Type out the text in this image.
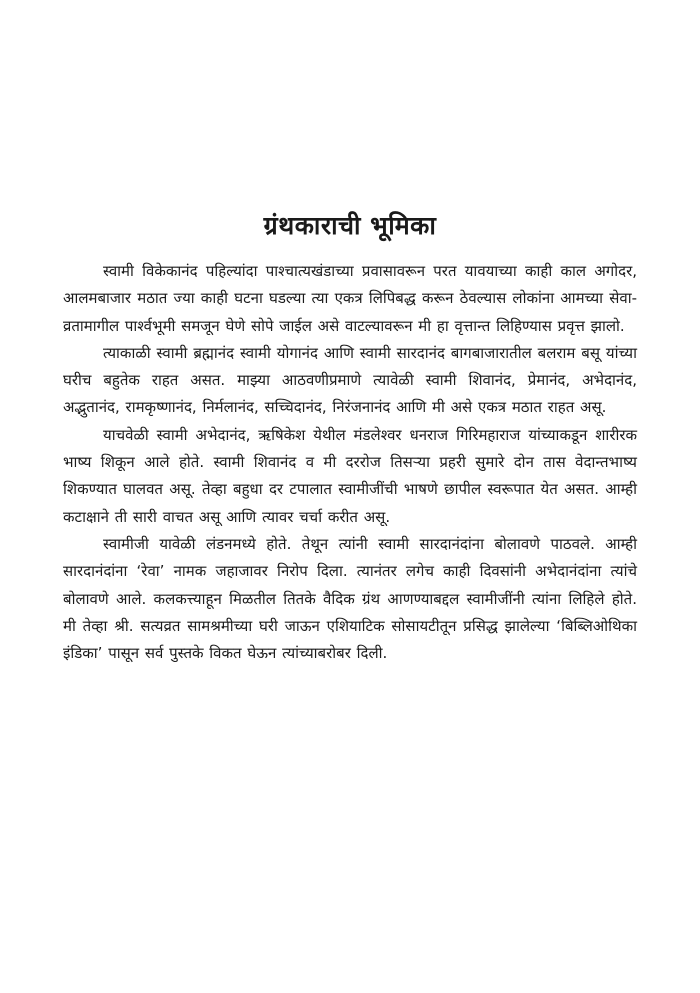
ग्रंथकाराची भूमिका

स्वामी विकेकानंद पहिल्यांदा पाश्चात्यखंडाच्या प्रवासावरून परत यावयाच्या काही काल अगोदर, आलमबाजार मठात ज्या काही घटना घडल्या त्या एकत्र लिपिबद्ध करून ठेवल्यास लोकांना आमच्या सेवा-व्रतामागील पार्श्वभूमी समजून घेणे सोपे जाईल असे वाटल्यावरून मी हा वृत्तान्त लिहिण्यास प्रवृत्त झालो.

त्याकाळी स्वामी ब्रह्मानंद स्वामी योगानंद आणि स्वामी सारदानंद बागबाजारातील बलराम बसू यांच्या घरीच बहुतेक राहत असत. माझ्या आठवणीप्रमाणे त्यावेळी स्वामी शिवानंद, प्रेमानंद, अभेदानंद, अद्भुतानंद, रामकृष्णानंद, निर्मलानंद, सच्चिदानंद, निरंजनानंद आणि मी असे एकत्र मठात राहत असू.

याचवेळी स्वामी अभेदानंद, ऋषिकेश येथील मंडलेश्वर धनराज गिरिमहाराज यांच्याकडून शारीरक भाष्य शिकून आले होते. स्वामी शिवानंद व मी दररोज तिसऱ्या प्रहरी सुमारे दोन तास वेदान्तभाष्य शिकण्यात घालवत असू. तेव्हा बहुधा दर टपालात स्वामीजींची भाषणे छापील स्वरूपात येत असत. आम्ही कटाक्षाने ती सारी वाचत असू आणि त्यावर चर्चा करीत असू.

स्वामीजी यावेळी लंडनमध्ये होते. तेथून त्यांनी स्वामी सारदानंदांना बोलावणे पाठवले. आम्ही सारदानंदांना ‘रेवा’ नामक जहाजावर निरोप दिला. त्यानंतर लगेच काही दिवसांनी अभेदानंदांना त्यांचे बोलावणे आले. कलकत्त्याहून मिळतील तितके वैदिक ग्रंथ आणण्याबद्दल स्वामीजींनी त्यांना लिहिले होते. मी तेव्हा श्री. सत्यव्रत सामश्रमीच्या घरी जाऊन एशियाटिक सोसायटीतून प्रसिद्ध झालेल्या ‘बिब्लिओथिका इंडिका’ पासून सर्व पुस्तके विकत घेऊन त्यांच्याबरोबर दिली.
